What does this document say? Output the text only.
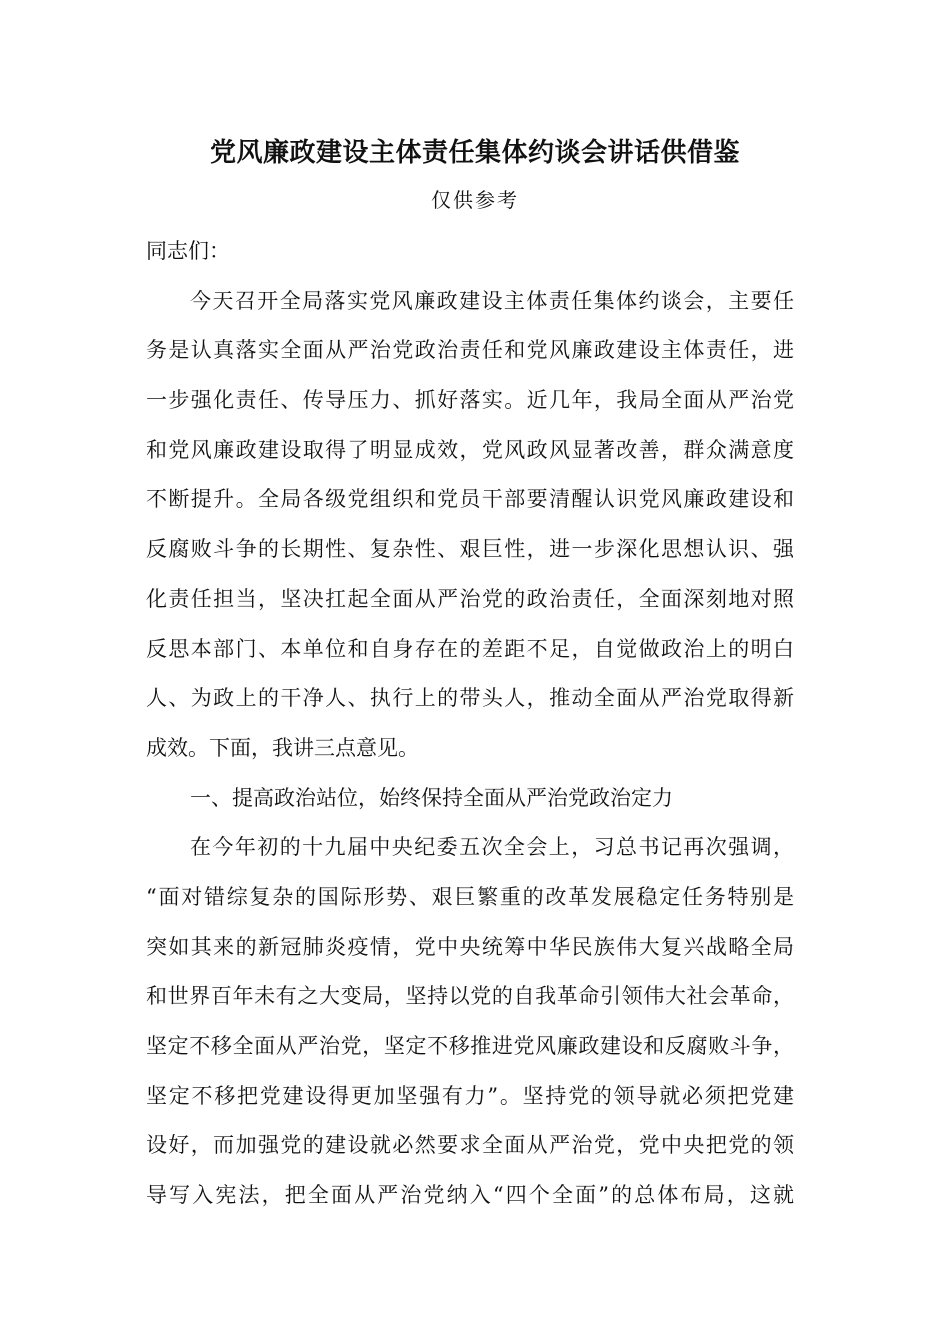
党风廉政建设主体责任集体约谈会讲话供借鉴
仅供参考
同志们：
今天召开全局落实党风廉政建设主体责任集体约谈会，主要任
务是认真落实全面从严治党政治责任和党风廉政建设主体责任，进
一步强化责任、传导压力、抓好落实。近几年，我局全面从严治党
和党风廉政建设取得了明显成效，党风政风显著改善，群众满意度
不断提升。全局各级党组织和党员干部要清醒认识党风廉政建设和
反腐败斗争的长期性、复杂性、艰巨性，进一步深化思想认识、强
化责任担当，坚决扛起全面从严治党的政治责任，全面深刻地对照
反思本部门、本单位和自身存在的差距不足，自觉做政治上的明白
人、为政上的干净人、执行上的带头人，推动全面从严治党取得新
成效。下面，我讲三点意见。
一、提高政治站位，始终保持全面从严治党政治定力
在今年初的十九届中央纪委五次全会上，习总书记再次强调，
“面对错综复杂的国际形势、艰巨繁重的改革发展稳定任务特别是
突如其来的新冠肺炎疫情，党中央统筹中华民族伟大复兴战略全局
和世界百年未有之大变局，坚持以党的自我革命引领伟大社会革命，
坚定不移全面从严治党，坚定不移推进党风廉政建设和反腐败斗争，
坚定不移把党建设得更加坚强有力”。坚持党的领导就必须把党建
设好，而加强党的建设就必然要求全面从严治党，党中央把党的领
导写入宪法，把全面从严治党纳入“四个全面”的总体布局，这就
